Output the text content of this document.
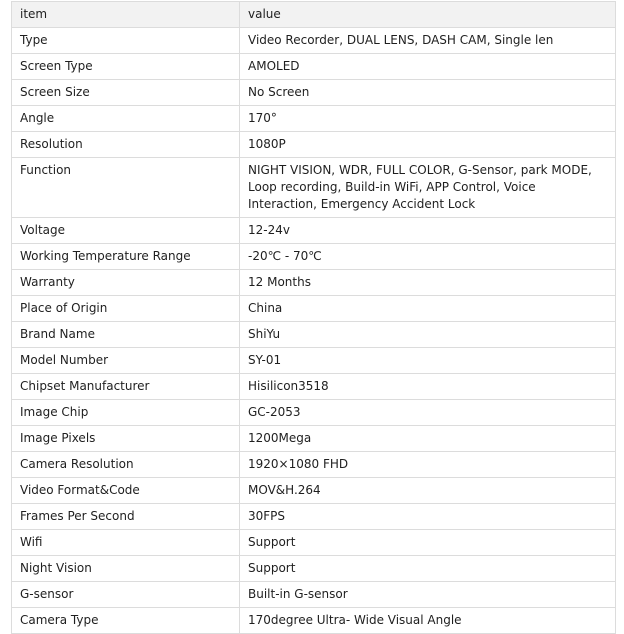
item	value
Type	Video Recorder, DUAL LENS, DASH CAM, Single len
Screen Type	AMOLED
Screen Size	No Screen
Angle	170°
Resolution	1080P
Function	NIGHT VISION, WDR, FULL COLOR, G-Sensor, park MODE, Loop recording, Build-in WiFi, APP Control, Voice Interaction, Emergency Accident Lock
Voltage	12-24v
Working Temperature Range	-20℃ - 70℃
Warranty	12 Months
Place of Origin	China
Brand Name	ShiYu
Model Number	SY-01
Chipset Manufacturer	Hisilicon3518
Image Chip	GC-2053
Image Pixels	1200Mega
Camera Resolution	1920×1080 FHD
Video Format&Code	MOV&H.264
Frames Per Second	30FPS
Wifi	Support
Night Vision	Support
G-sensor	Built-in G-sensor
Camera Type	170degree Ultra- Wide Visual Angle
